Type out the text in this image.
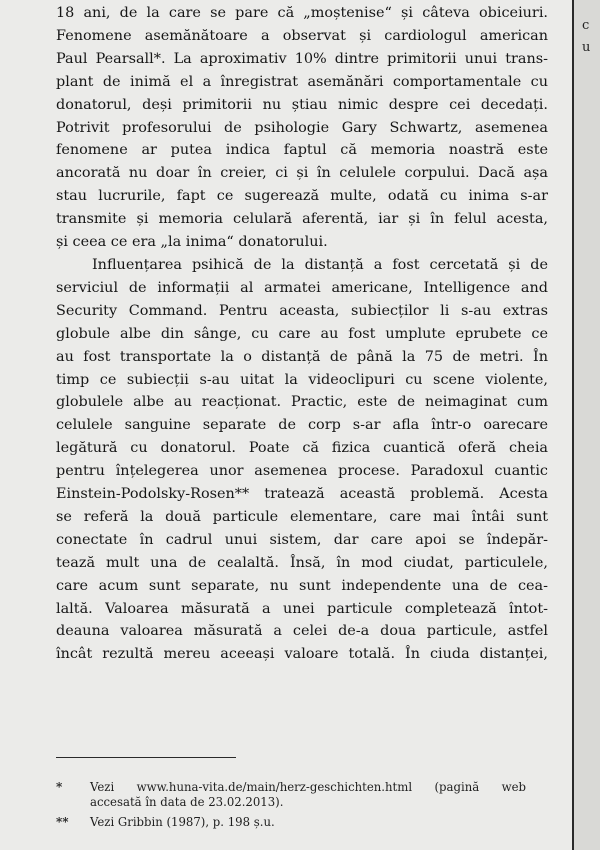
18 ani, de la care se pare că „moștenise“ și câteva obiceiuri.
Fenomene asemănătoare a observat și cardiologul american
Paul Pearsall*. La aproximativ 10% dintre primitorii unui trans-
plant de inimă el a înregistrat asemănări comportamentale cu
donatorul, deși primitorii nu știau nimic despre cei decedați.
Potrivit profesorului de psihologie Gary Schwartz, asemenea
fenomene ar putea indica faptul că memoria noastră este
ancorată nu doar în creier, ci și în celulele corpului. Dacă așa
stau lucrurile, fapt ce sugerează multe, odată cu inima s-ar
transmite și memoria celulară aferentă, iar și în felul acesta,
și ceea ce era „la inima“ donatorului.
Influențarea psihică de la distanță a fost cercetată și de
serviciul de informații al armatei americane, Intelligence and
Security Command. Pentru aceasta, subiecților li s-au extras
globule albe din sânge, cu care au fost umplute eprubete ce
au fost transportate la o distanță de până la 75 de metri. În
timp ce subiecții s-au uitat la videoclipuri cu scene violente,
globulele albe au reacționat. Practic, este de neimaginat cum
celulele sanguine separate de corp s-ar afla într-o oarecare
legătură cu donatorul. Poate că fizica cuantică oferă cheia
pentru înțelegerea unor asemenea procese. Paradoxul cuantic
Einstein-Podolsky-Rosen** tratează această problemă. Acesta
se referă la două particule elementare, care mai întâi sunt
conectate în cadrul unui sistem, dar care apoi se îndepăr-
tează mult una de cealaltă. Însă, în mod ciudat, particulele,
care acum sunt separate, nu sunt independente una de cea-
laltă. Valoarea măsurată a unei particule completează întot-
deauna valoarea măsurată a celei de-a doua particule, astfel
încât rezultă mereu aceeași valoare totală. În ciuda distanței,
* Vezi www.huna-vita.de/main/herz-geschichten.html (pagină web
accesată în data de 23.02.2013).
** Vezi Gribbin (1987), p. 198 ș.u.
c
u
